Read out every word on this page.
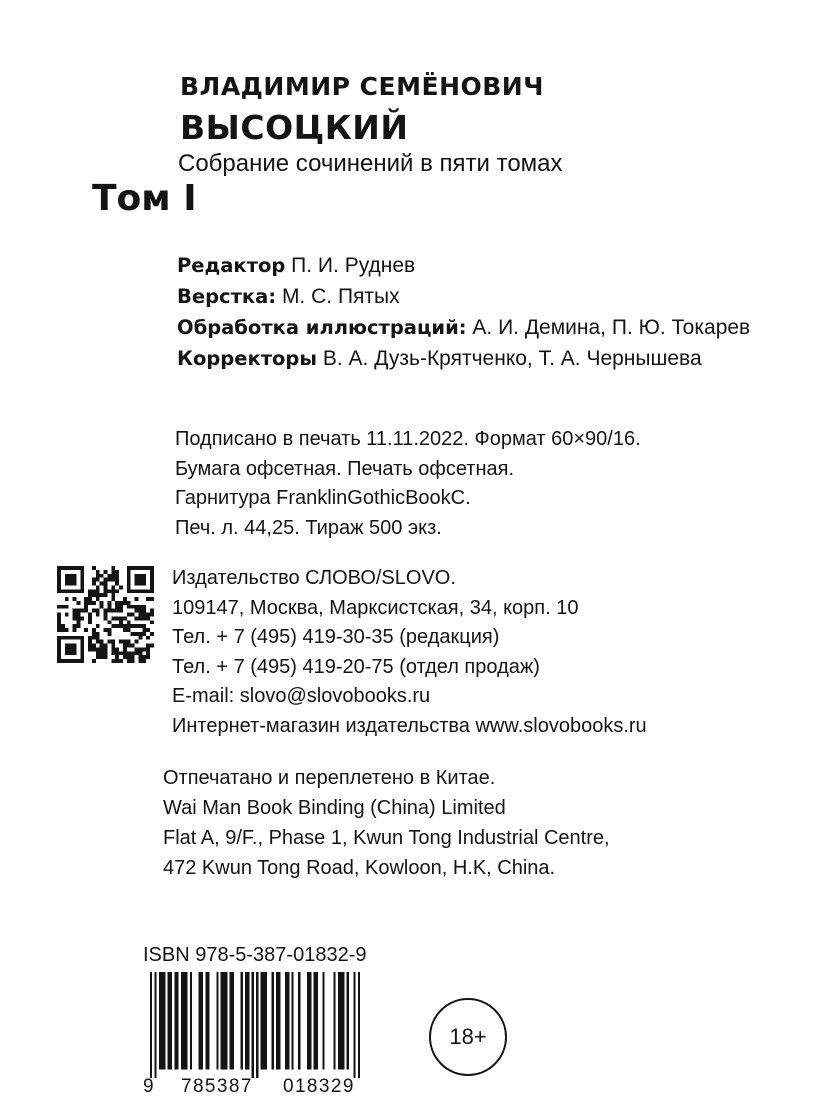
ВЛАДИМИР СЕМЁНОВИЧ
ВЫСОЦКИЙ
Собрание сочинений в пяти томах
Том I
Редактор П. И. Руднев
Верстка: М. С. Пятых
Обработка иллюстраций: А. И. Демина, П. Ю. Токарев
Корректоры В. А. Дузь-Крятченко, Т. А. Чернышева
Подписано в печать 11.11.2022. Формат 60×90/16.
Бумага офсетная. Печать офсетная.
Гарнитура FranklinGothicBookC.
Печ. л. 44,25. Тираж 500 экз.
Издательство СЛОВО/SLOVO.
109147, Москва, Марксистская, 34, корп. 10
Тел. + 7 (495) 419-30-35 (редакция)
Тел. + 7 (495) 419-20-75 (отдел продаж)
E-mail: slovo@slovobooks.ru
Интернет-магазин издательства www.slovobooks.ru
Отпечатано и переплетено в Китае.
Wai Man Book Binding (China) Limited
Flat A, 9/F., Phase 1, Kwun Tong Industrial Centre,
472 Kwun Tong Road, Kowloon, H.K, China.
ISBN 978-5-387-01832-9
9 785387 018329
18+
